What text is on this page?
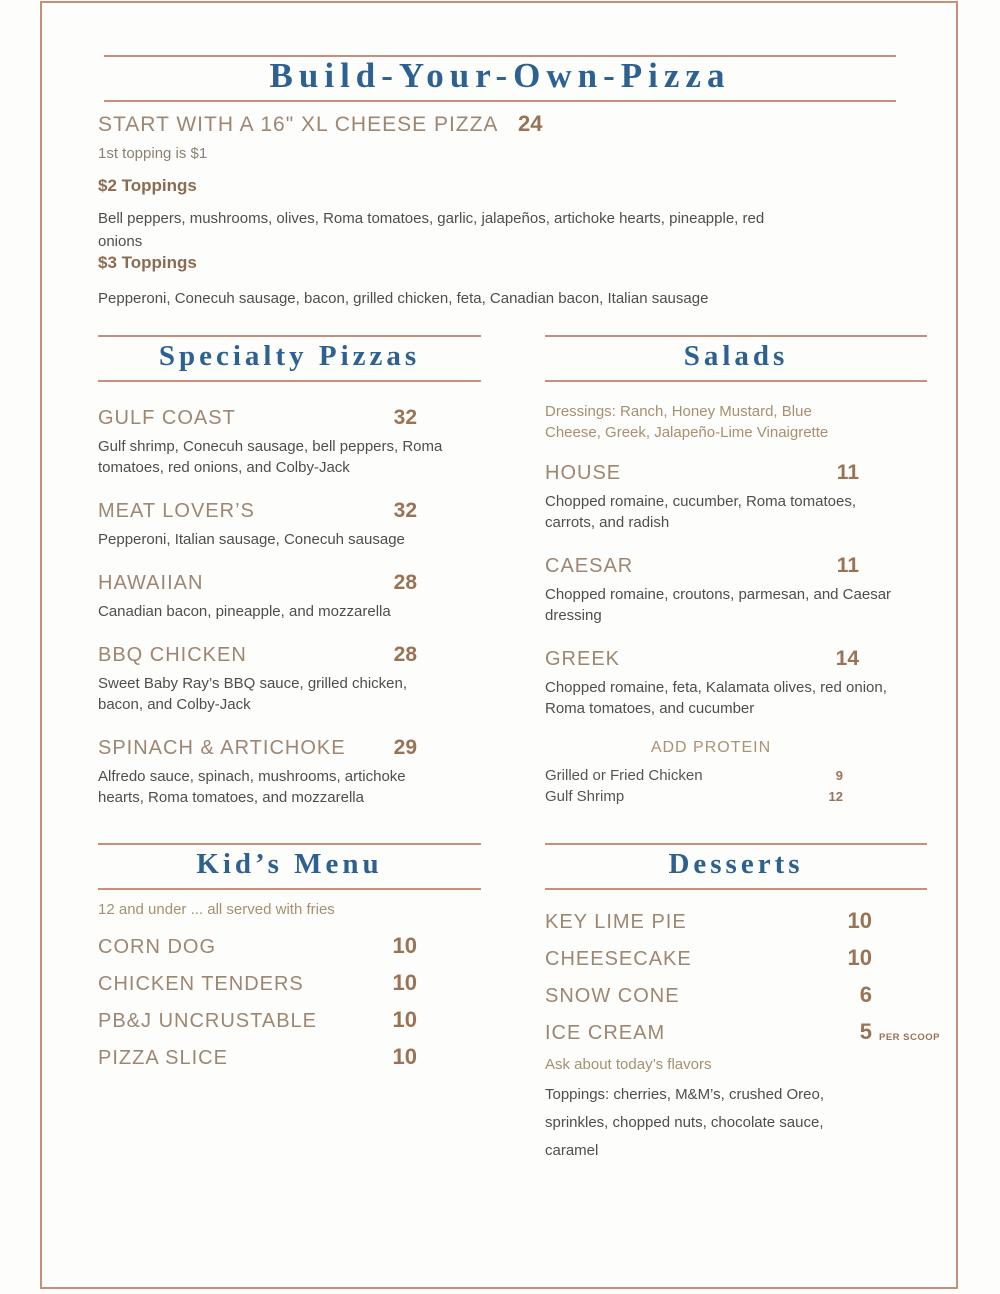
Build-Your-Own-Pizza
START WITH A 16" XL CHEESE PIZZA 24
1st topping is $1
$2 Toppings
Bell peppers, mushrooms, olives, Roma tomatoes, garlic, jalapeños, artichoke hearts, pineapple, red onions
$3 Toppings
Pepperoni, Conecuh sausage, bacon, grilled chicken, feta, Canadian bacon, Italian sausage
Specialty Pizzas
GULF COAST	32
Gulf shrimp, Conecuh sausage, bell peppers, Roma tomatoes, red onions, and Colby-Jack
MEAT LOVER’S	32
Pepperoni, Italian sausage, Conecuh sausage
HAWAIIAN	28
Canadian bacon, pineapple, and mozzarella
BBQ CHICKEN	28
Sweet Baby Ray’s BBQ sauce, grilled chicken, bacon, and Colby-Jack
SPINACH & ARTICHOKE 29
Alfredo sauce, spinach, mushrooms, artichoke hearts, Roma tomatoes, and mozzarella
Salads
Dressings: Ranch, Honey Mustard, Blue Cheese, Greek, Jalapeño-Lime Vinaigrette
HOUSE	11
Chopped romaine, cucumber, Roma tomatoes, carrots, and radish
CAESAR	11
Chopped romaine, croutons, parmesan, and Caesar dressing
GREEK	14
Chopped romaine, feta, Kalamata olives, red onion, Roma tomatoes, and cucumber
ADD PROTEIN
Grilled or Fried Chicken	9
Gulf Shrimp	12
Kid’s Menu
12 and under ... all served with fries
CORN DOG	10
CHICKEN TENDERS	10
PB&J UNCRUSTABLE	10
PIZZA SLICE	10
Desserts
KEY LIME PIE	10
CHEESECAKE	10
SNOW CONE	6
ICE CREAM	5 PER SCOOP
Ask about today’s flavors
Toppings: cherries, M&M’s, crushed Oreo, sprinkles, chopped nuts, chocolate sauce, caramel
